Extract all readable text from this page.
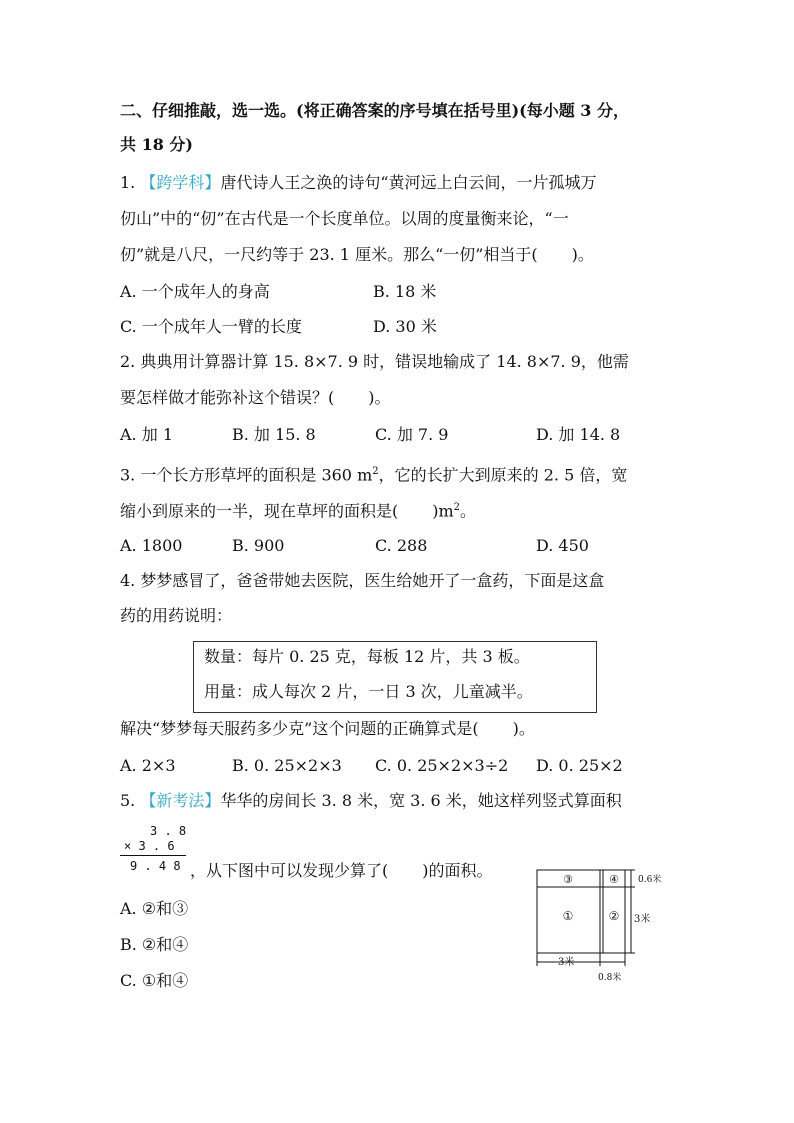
二、仔细推敲，选一选。(将正确答案的序号填在括号里)(每小题 3 分，
共 18 分)
1. 【跨学科】唐代诗人王之涣的诗句“黄河远上白云间，一片孤城万
仞山”中的“仞”在古代是一个长度单位。以周的度量衡来论，“一
仞”就是八尺，一尺约等于 23. 1 厘米。那么“一仞”相当于( )。
A. 一个成年人的身高	B. 18 米
C. 一个成年人一臂的长度	D. 30 米
2. 典典用计算器计算 15. 8×7. 9 时，错误地输成了 14. 8×7. 9，他需
要怎样做才能弥补这个错误？( )。
A. 加 1	B. 加 15. 8	C. 加 7. 9	D. 加 14. 8
3. 一个长方形草坪的面积是 360 $m^2$，它的长扩大到原来的 2. 5 倍，宽
缩小到原来的一半，现在草坪的面积是( )$m^2$。
A. 1800	B. 900	C. 288	D. 450
4. 梦梦感冒了，爸爸带她去医院，医生给她开了一盒药，下面是这盒
药的用药说明：
数量：每片 0. 25 克，每板 12 片，共 3 板。
用量：成人每次 2 片，一日 3 次，儿童减半。
解决“梦梦每天服药多少克”这个问题的正确算式是( )。
A. 2×3	B. 0. 25×2×3 C. 0. 25×2×3÷2 D. 0. 25×2
5. 【新考法】华华的房间长 3. 8 米，宽 3. 6 米，她这样列竖式算面积
3 . 8
× 3 . 6
9 . 4 8 ，从下图中可以发现少算了( )的面积。
A. ②和③
B. ②和④
C. ①和④
③	④
①	②
0.6米
3米
3米
0.8米
